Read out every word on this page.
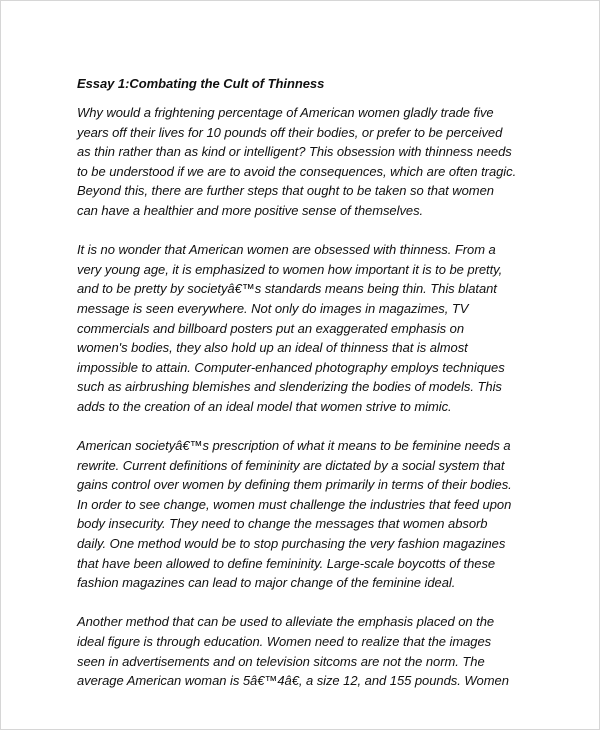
Essay 1:Combating the Cult of Thinness
Why would a frightening percentage of American women gladly trade five
years off their lives for 10 pounds off their bodies, or prefer to be perceived
as thin rather than as kind or intelligent? This obsession with thinness needs
to be understood if we are to avoid the consequences, which are often tragic.
Beyond this, there are further steps that ought to be taken so that women
can have a healthier and more positive sense of themselves.
It is no wonder that American women are obsessed with thinness. From a
very young age, it is emphasized to women how important it is to be pretty,
and to be pretty by societyâ€™s standards means being thin. This blatant
message is seen everywhere. Not only do images in magazimes, TV
commercials and billboard posters put an exaggerated emphasis on
women's bodies, they also hold up an ideal of thinness that is almost
impossible to attain. Computer-enhanced photography employs techniques
such as airbrushing blemishes and slenderizing the bodies of models. This
adds to the creation of an ideal model that women strive to mimic.
American societyâ€™s prescription of what it means to be feminine needs a
rewrite. Current definitions of femininity are dictated by a social system that
gains control over women by defining them primarily in terms of their bodies.
In order to see change, women must challenge the industries that feed upon
body insecurity. They need to change the messages that women absorb
daily. One method would be to stop purchasing the very fashion magazines
that have been allowed to define femininity. Large-scale boycotts of these
fashion magazines can lead to major change of the feminine ideal.
Another method that can be used to alleviate the emphasis placed on the
ideal figure is through education. Women need to realize that the images
seen in advertisements and on television sitcoms are not the norm. The
average American woman is 5â€™4â€, a size 12, and 155 pounds. Women
